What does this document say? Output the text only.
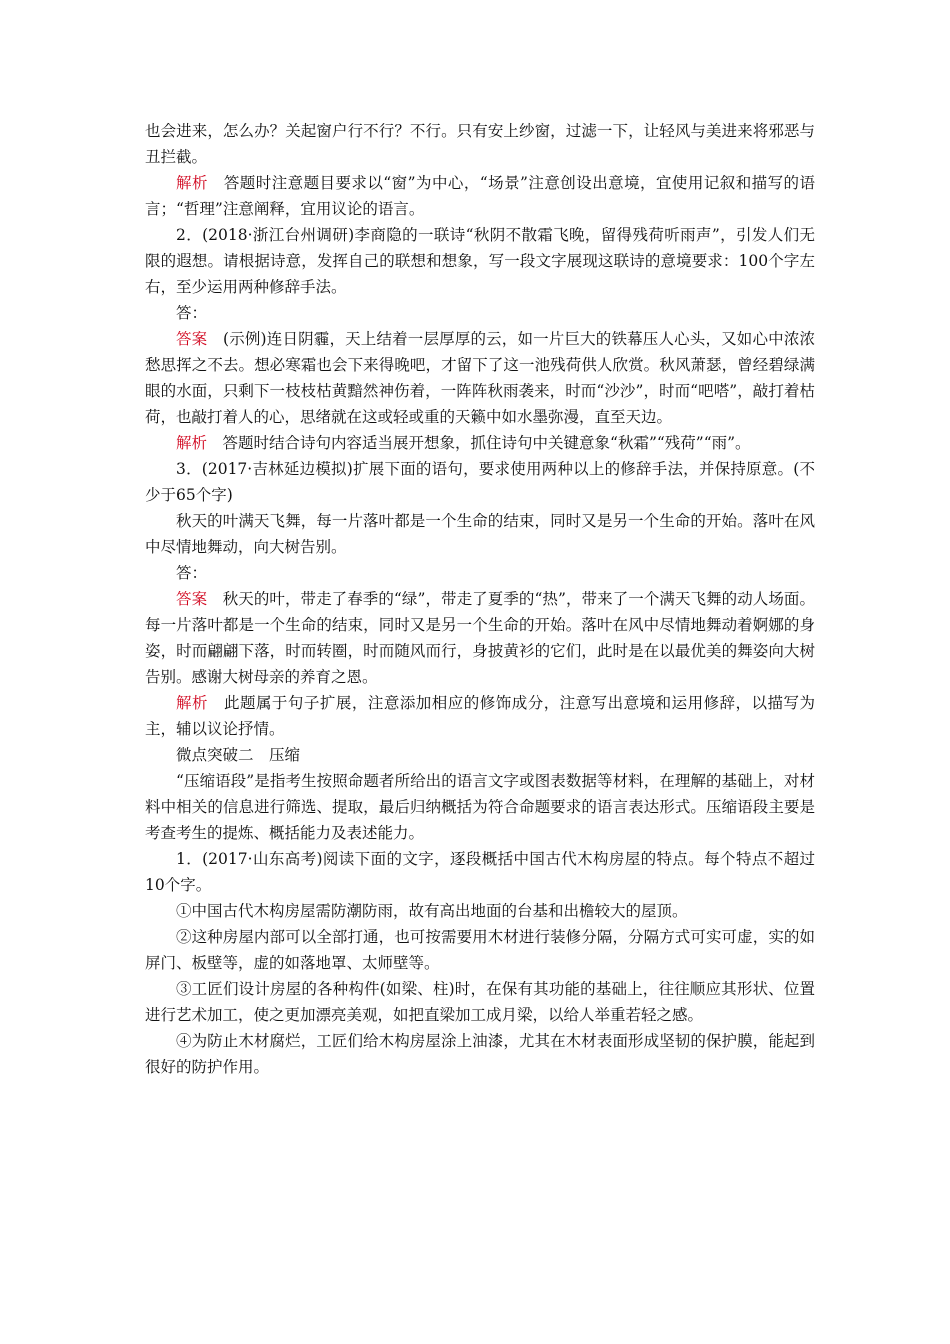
也会进来，怎么办？关起窗户行不行？不行。只有安上纱窗，过滤一下，让轻风与美进来将邪恶与丑拦截。

解析　答题时注意题目要求以“窗”为中心，“场景”注意创设出意境，宜使用记叙和描写的语言；“哲理”注意阐释，宜用议论的语言。

2．(2018·浙江台州调研)李商隐的一联诗“秋阴不散霜飞晚，留得残荷听雨声”，引发人们无限的遐想。请根据诗意，发挥自己的联想和想象，写一段文字展现这联诗的意境要求：100个字左右，至少运用两种修辞手法。

答：

答案　(示例)连日阴霾，天上结着一层厚厚的云，如一片巨大的铁幕压人心头，又如心中浓浓愁思挥之不去。想必寒霜也会下来得晚吧，才留下了这一池残荷供人欣赏。秋风萧瑟，曾经碧绿满眼的水面，只剩下一枝枝枯黄黯然神伤着，一阵阵秋雨袭来，时而“沙沙”，时而“吧嗒”，敲打着枯荷，也敲打着人的心，思绪就在这或轻或重的天籁中如水墨弥漫，直至天边。

解析　答题时结合诗句内容适当展开想象，抓住诗句中关键意象“秋霜”“残荷”“雨”。

3．(2017·吉林延边模拟)扩展下面的语句，要求使用两种以上的修辞手法，并保持原意。(不少于65个字)

秋天的叶满天飞舞，每一片落叶都是一个生命的结束，同时又是另一个生命的开始。落叶在风中尽情地舞动，向大树告别。

答：

答案　秋天的叶，带走了春季的“绿”，带走了夏季的“热”，带来了一个满天飞舞的动人场面。每一片落叶都是一个生命的结束，同时又是另一个生命的开始。落叶在风中尽情地舞动着婀娜的身姿，时而翩翩下落，时而转圈，时而随风而行，身披黄衫的它们，此时是在以最优美的舞姿向大树告别。感谢大树母亲的养育之恩。

解析　此题属于句子扩展，注意添加相应的修饰成分，注意写出意境和运用修辞，以描写为主，辅以议论抒情。

微点突破二　压缩

“压缩语段”是指考生按照命题者所给出的语言文字或图表数据等材料，在理解的基础上，对材料中相关的信息进行筛选、提取，最后归纳概括为符合命题要求的语言表达形式。压缩语段主要是考查考生的提炼、概括能力及表述能力。

1．(2017·山东高考)阅读下面的文字，逐段概括中国古代木构房屋的特点。每个特点不超过10个字。

①中国古代木构房屋需防潮防雨，故有高出地面的台基和出檐较大的屋顶。

②这种房屋内部可以全部打通，也可按需要用木材进行装修分隔，分隔方式可实可虚，实的如屏门、板壁等，虚的如落地罩、太师壁等。

③工匠们设计房屋的各种构件(如梁、柱)时，在保有其功能的基础上，往往顺应其形状、位置进行艺术加工，使之更加漂亮美观，如把直梁加工成月梁，以给人举重若轻之感。

④为防止木材腐烂，工匠们给木构房屋涂上油漆，尤其在木材表面形成坚韧的保护膜，能起到很好的防护作用。
